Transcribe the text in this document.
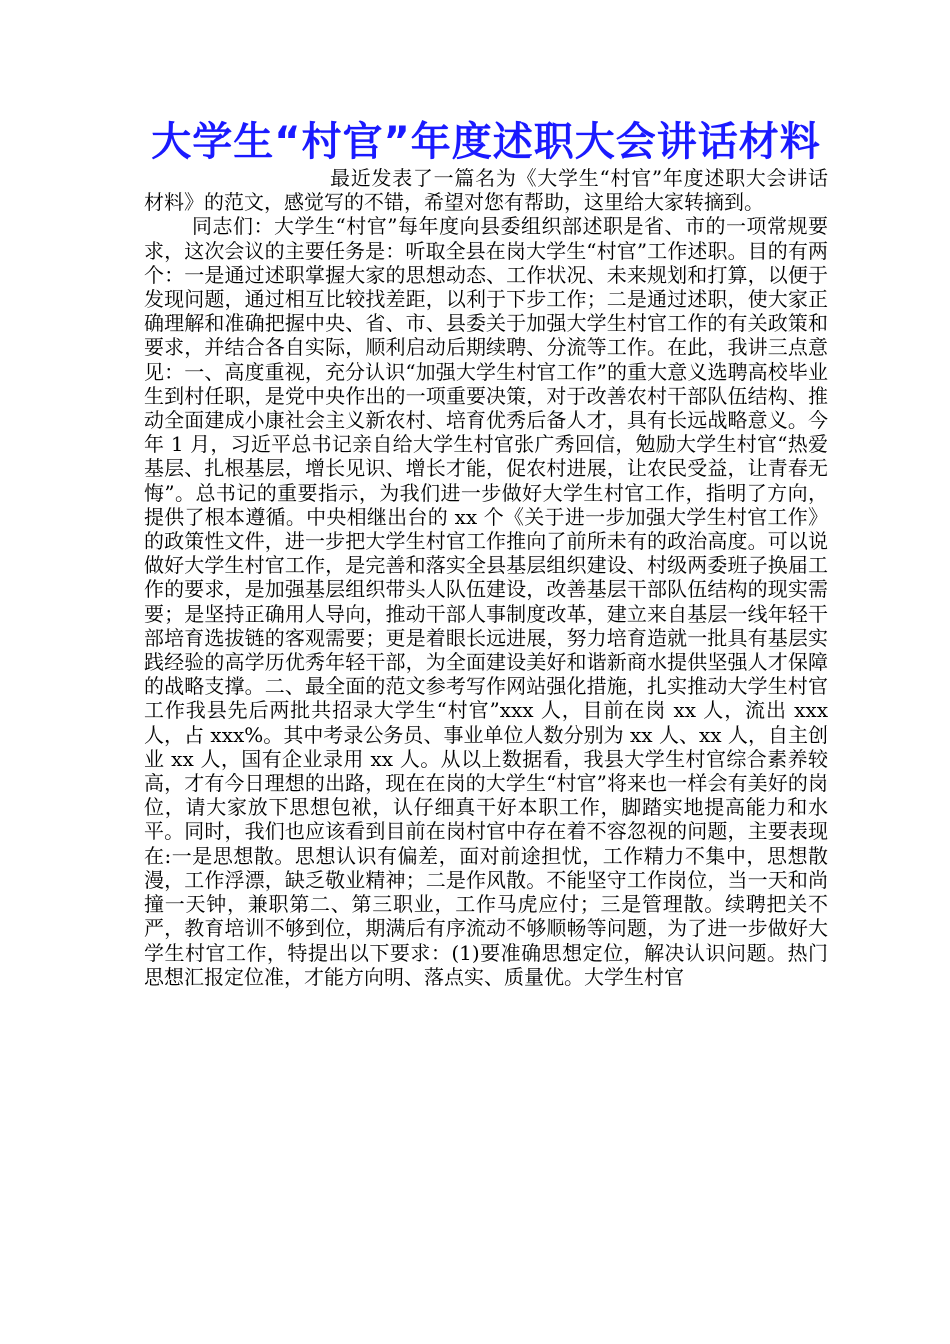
大学生“村官”年度述职大会讲话材料

最近发表了一篇名为《大学生“村官”年度述职大会讲话材料》的范文，感觉写的不错，希望对您有帮助，这里给大家转摘到。

同志们：大学生“村官”每年度向县委组织部述职是省、市的一项常规要求，这次会议的主要任务是：听取全县在岗大学生“村官”工作述职。目的有两个：一是通过述职掌握大家的思想动态、工作状况、未来规划和打算，以便于发现问题，通过相互比较找差距，以利于下步工作；二是通过述职，使大家正确理解和准确把握中央、省、市、县委关于加强大学生村官工作的有关政策和要求，并结合各自实际，顺利启动后期续聘、分流等工作。在此，我讲三点意见：一、高度重视，充分认识“加强大学生村官工作”的重大意义选聘高校毕业生到村任职，是党中央作出的一项重要决策，对于改善农村干部队伍结构、推动全面建成小康社会主义新农村、培育优秀后备人才，具有长远战略意义。今年 1 月，习近平总书记亲自给大学生村官张广秀回信，勉励大学生村官“热爱基层、扎根基层，增长见识、增长才能，促农村进展，让农民受益，让青春无悔”。总书记的重要指示，为我们进一步做好大学生村官工作，指明了方向，提供了根本遵循。中央相继出台的 xx 个《关于进一步加强大学生村官工作》的政策性文件，进一步把大学生村官工作推向了前所未有的政治高度。可以说做好大学生村官工作，是完善和落实全县基层组织建设、村级两委班子换届工作的要求，是加强基层组织带头人队伍建设，改善基层干部队伍结构的现实需要；是坚持正确用人导向，推动干部人事制度改革，建立来自基层一线年轻干部培育选拔链的客观需要；更是着眼长远进展，努力培育造就一批具有基层实践经验的高学历优秀年轻干部，为全面建设美好和谐新商水提供坚强人才保障的战略支撑。二、最全面的范文参考写作网站强化措施，扎实推动大学生村官工作我县先后两批共招录大学生“村官”xxx 人，目前在岗 xx 人，流出 xxx 人，占 xxx%。其中考录公务员、事业单位人数分别为 xx 人、xx 人，自主创业 xx 人，国有企业录用 xx 人。从以上数据看，我县大学生村官综合素养较高，才有今日理想的出路，现在在岗的大学生“村官”将来也一样会有美好的岗位，请大家放下思想包袱，认仔细真干好本职工作，脚踏实地提高能力和水平。同时，我们也应该看到目前在岗村官中存在着不容忽视的问题，主要表现在:一是思想散。思想认识有偏差，面对前途担忧，工作精力不集中，思想散漫，工作浮漂，缺乏敬业精神；二是作风散。不能坚守工作岗位，当一天和尚撞一天钟，兼职第二、第三职业，工作马虎应付；三是管理散。续聘把关不严，教育培训不够到位，期满后有序流动不够顺畅等问题，为了进一步做好大学生村官工作，特提出以下要求：(1)要准确思想定位，解决认识问题。热门思想汇报定位准，才能方向明、落点实、质量优。大学生村官
